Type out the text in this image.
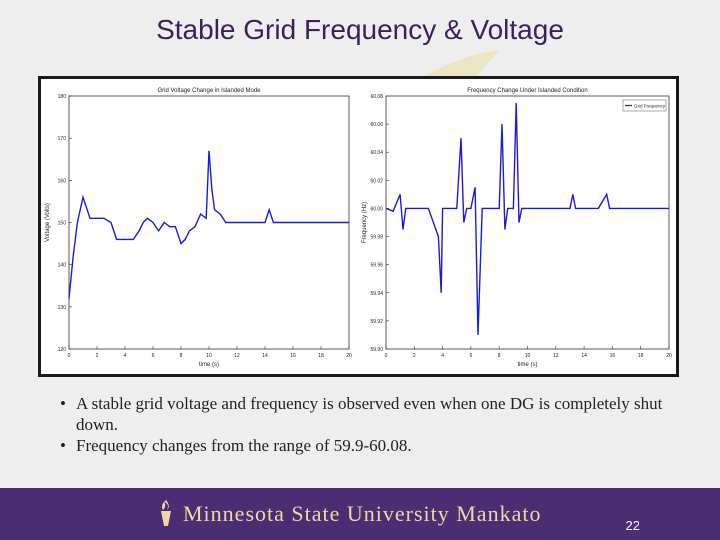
Stable Grid Frequency & Voltage
Grid Voltage Change in Islanded Mode
0	2	4	6	8	10	12	14	16	18	20
time (s)
120
130
140
150
160
170
180
Voltage (Volts)
Frequency Change Under Islanded Condition
0	2	4	6	8	10	12	14	16	18	20
time (s)
59.90
59.92
59.94
59.96
59.98
60.00
60.02
60.04
60.06
60.08
Frequency (Hz)
Grid Frequency
• A stable grid voltage and frequency is observed even when one DG is completely shut down.
• Frequency changes from the range of 59.9-60.08.
Minnesota State University Mankato	22
